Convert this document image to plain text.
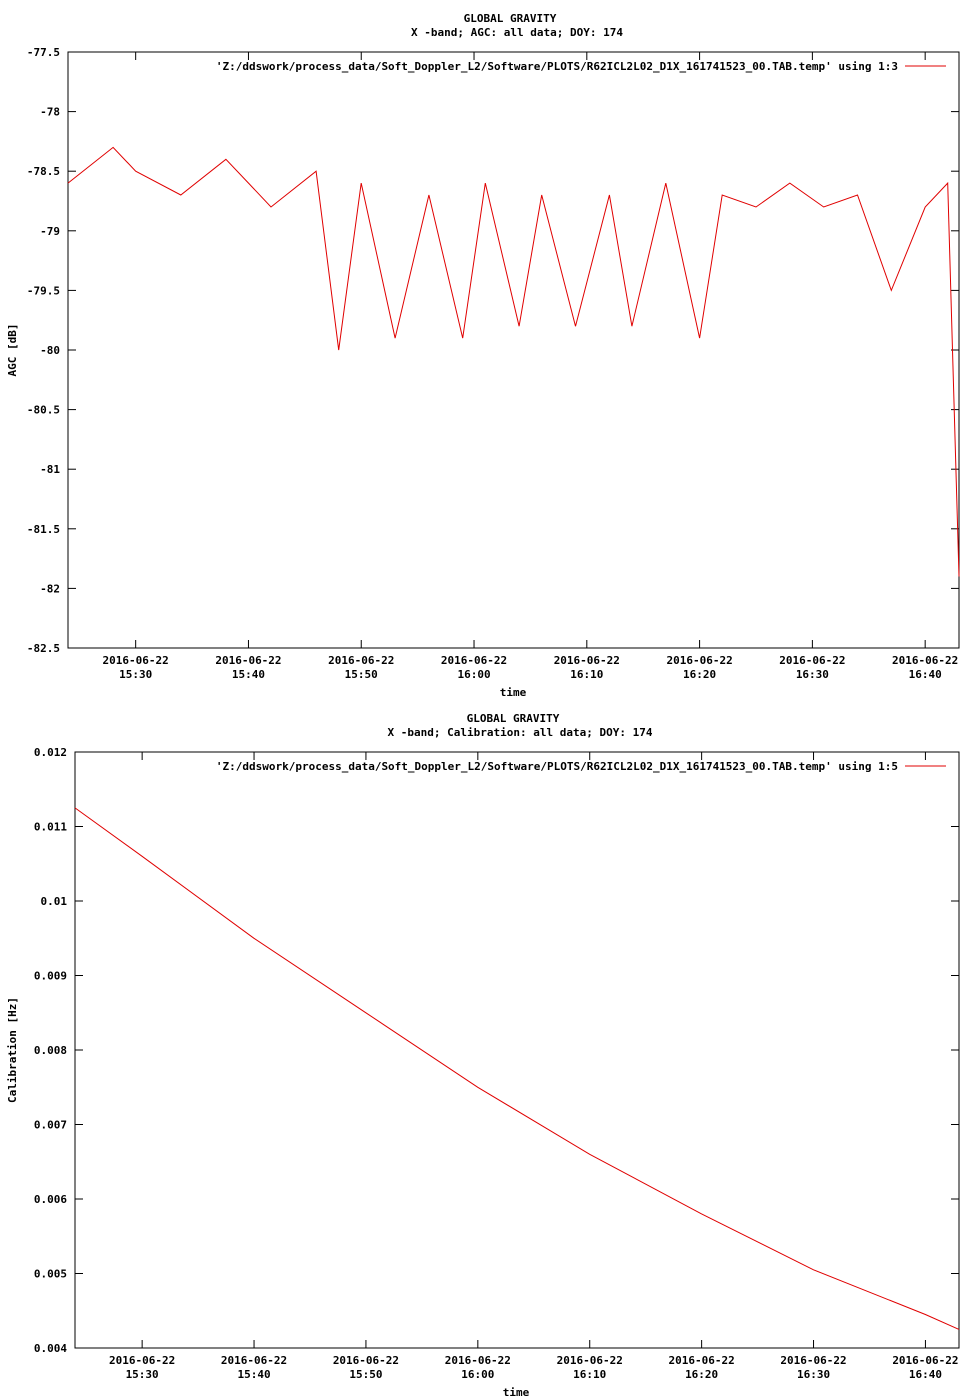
GLOBAL GRAVITY
X -band; AGC: all data; DOY: 174
-77.5
-78
-78.5
-79
-79.5
-80
-80.5
-81
-81.5
-82
-82.5
2016-06-22
15:30
2016-06-22
15:40
2016-06-22
15:50
2016-06-22
16:00
2016-06-22
16:10
2016-06-22
16:20
2016-06-22
16:30
2016-06-22
16:40
AGC [dB]
time
'Z:/ddswork/process_data/Soft_Doppler_L2/Software/PLOTS/R62ICL2L02_D1X_161741523_00.TAB.temp' using 1:3
GLOBAL GRAVITY
X -band; Calibration: all data; DOY: 174
0.012
0.011
0.01
0.009
0.008
0.007
0.006
0.005
0.004
2016-06-22
15:30
2016-06-22
15:40
2016-06-22
15:50
2016-06-22
16:00
2016-06-22
16:10
2016-06-22
16:20
2016-06-22
16:30
2016-06-22
16:40
Calibration [Hz]
time
'Z:/ddswork/process_data/Soft_Doppler_L2/Software/PLOTS/R62ICL2L02_D1X_161741523_00.TAB.temp' using 1:5
